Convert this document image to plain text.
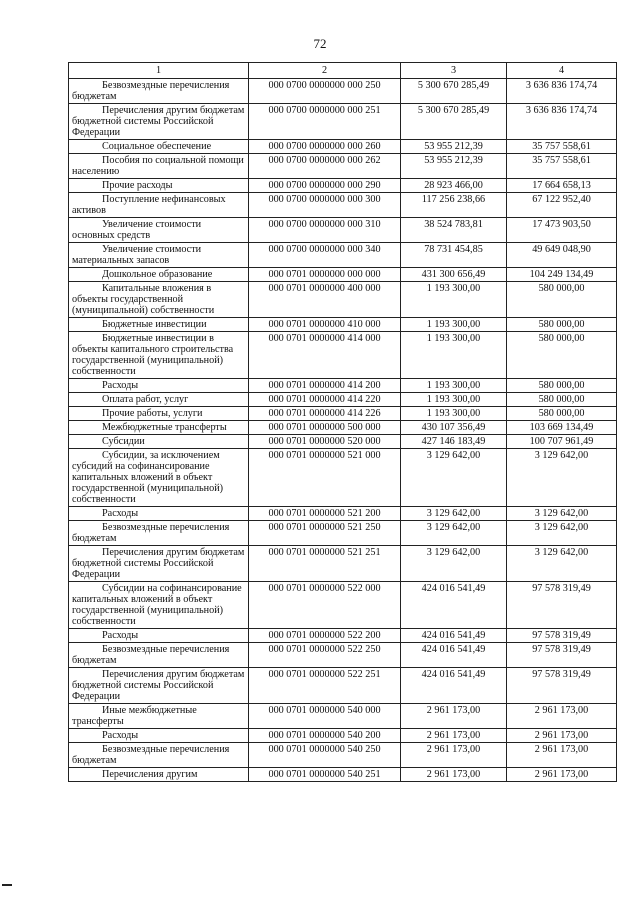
72
1	2	3	4

Безвозмездные перечисления бюджетам	000 0700 0000000 000 250	5 300 670 285,49	3 636 836 174,74

Перечисления другим бюджетам бюджетной системы Российской Федерации	000 0700 0000000 000 251	5 300 670 285,49	3 636 836 174,74

Социальное обеспечение	000 0700 0000000 000 260	53 955 212,39	35 757 558,61

Пособия по социальной помощи населению	000 0700 0000000 000 262	53 955 212,39	35 757 558,61

Прочие расходы	000 0700 0000000 000 290	28 923 466,00	17 664 658,13

Поступление нефинансовых активов	000 0700 0000000 000 300	117 256 238,66	67 122 952,40

Увеличение стоимости основных средств	000 0700 0000000 000 310	38 524 783,81	17 473 903,50

Увеличение стоимости материальных запасов	000 0700 0000000 000 340	78 731 454,85	49 649 048,90

Дошкольное образование	000 0701 0000000 000 000	431 300 656,49	104 249 134,49

Капитальные вложения в объекты государственной (муниципальной) собственности	000 0701 0000000 400 000	1 193 300,00	580 000,00

Бюджетные инвестиции	000 0701 0000000 410 000	1 193 300,00	580 000,00

Бюджетные инвестиции в объекты капитального строительства государственной (муниципальной) собственности	000 0701 0000000 414 000	1 193 300,00	580 000,00

Расходы	000 0701 0000000 414 200	1 193 300,00	580 000,00

Оплата работ, услуг	000 0701 0000000 414 220	1 193 300,00	580 000,00

Прочие работы, услуги	000 0701 0000000 414 226	1 193 300,00	580 000,00

Межбюджетные трансферты	000 0701 0000000 500 000	430 107 356,49	103 669 134,49

Субсидии	000 0701 0000000 520 000	427 146 183,49	100 707 961,49

Субсидии, за исключением субсидий на софинансирование капитальных вложений в объект государственной (муниципальной) собственности	000 0701 0000000 521 000	3 129 642,00	3 129 642,00

Расходы	000 0701 0000000 521 200	3 129 642,00	3 129 642,00

Безвозмездные перечисления бюджетам	000 0701 0000000 521 250	3 129 642,00	3 129 642,00

Перечисления другим бюджетам бюджетной системы Российской Федерации	000 0701 0000000 521 251	3 129 642,00	3 129 642,00

Субсидии на софинансирование капитальных вложений в объект государственной (муниципальной) собственности	000 0701 0000000 522 000	424 016 541,49	97 578 319,49

Расходы	000 0701 0000000 522 200	424 016 541,49	97 578 319,49

Безвозмездные перечисления бюджетам	000 0701 0000000 522 250	424 016 541,49	97 578 319,49

Перечисления другим бюджетам бюджетной системы Российской Федерации	000 0701 0000000 522 251	424 016 541,49	97 578 319,49

Иные межбюджетные трансферты	000 0701 0000000 540 000	2 961 173,00	2 961 173,00

Расходы	000 0701 0000000 540 200	2 961 173,00	2 961 173,00

Безвозмездные перечисления бюджетам	000 0701 0000000 540 250	2 961 173,00	2 961 173,00

Перечисления другим	000 0701 0000000 540 251	2 961 173,00	2 961 173,00
